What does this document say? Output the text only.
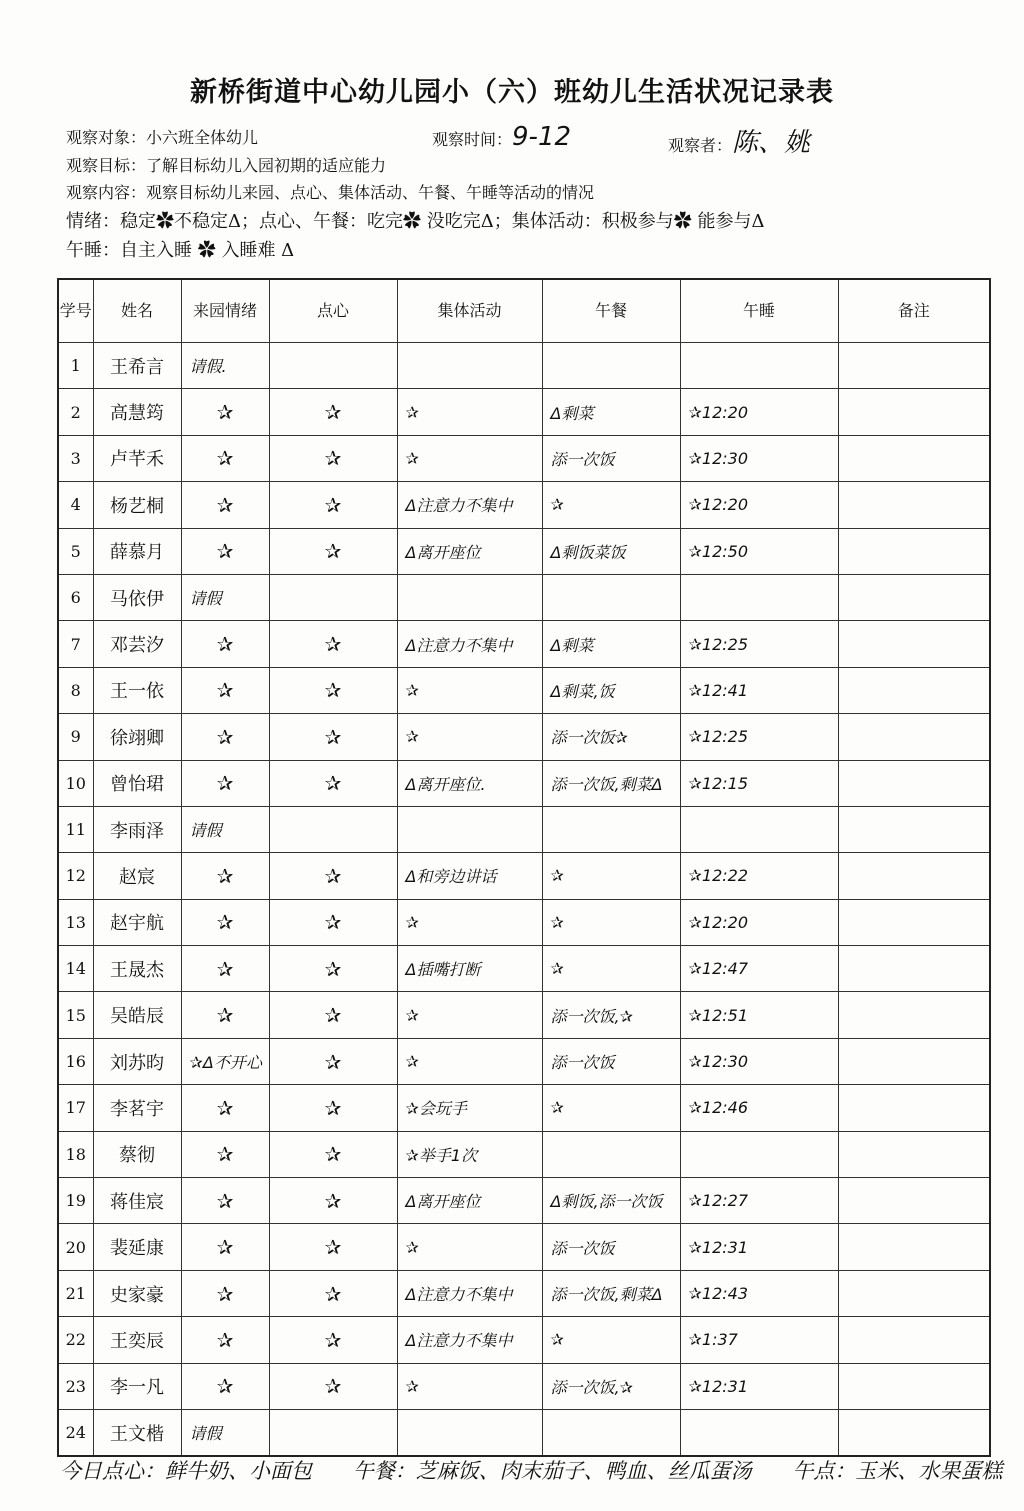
新桥街道中心幼儿园小（六）班幼儿生活状况记录表
观察对象：小六班全体幼儿	观察时间：9-12	观察者：陈、姚
观察目标：了解目标幼儿入园初期的适应能力
观察内容：观察目标幼儿来园、点心、集体活动、午餐、午睡等活动的情况
情绪：稳定✿不稳定Δ；点心、午餐：吃完✿ 没吃完Δ；集体活动：积极参与✿ 能参与Δ
午睡：自主入睡 ✿ 入睡难 Δ
学号	姓名	来园情绪	点心	集体活动	午餐	午睡	备注
1	王希言	请假.					
2	高慧筠	✰	✰	✰	Δ剩菜	✰12:20	
3	卢芊禾	✰	✰	✰	添一次饭	✰12:30	
4	杨艺桐	✰	✰	Δ注意力不集中	✰	✰12:20	
5	薛慕月	✰	✰	Δ离开座位	Δ剩饭菜饭	✰12:50	
6	马依伊	请假					
7	邓芸汐	✰	✰	Δ注意力不集中	Δ剩菜	✰12:25	
8	王一依	✰	✰	✰	Δ剩菜,饭	✰12:41	
9	徐翊卿	✰	✰	✰	添一次饭✰	✰12:25	
10	曾怡珺	✰	✰	Δ离开座位.	添一次饭,剩菜Δ	✰12:15	
11	李雨泽	请假					
12	赵宸	✰	✰	Δ和旁边讲话	✰	✰12:22	
13	赵宇航	✰	✰	✰	✰	✰12:20	
14	王晟杰	✰	✰	Δ插嘴打断	✰	✰12:47	
15	吴皓辰	✰	✰	✰	添一次饭,✰	✰12:51	
16	刘苏昀	✰Δ不开心	✰	✰	添一次饭	✰12:30	
17	李茗宇	✰	✰	✰会玩手	✰	✰12:46	
18	蔡彻	✰	✰	✰举手1次			
19	蒋佳宸	✰	✰	Δ离开座位	Δ剩饭,添一次饭	✰12:27	
20	裴延康	✰	✰	✰	添一次饭	✰12:31	
21	史家豪	✰	✰	Δ注意力不集中	添一次饭,剩菜Δ	✰12:43	
22	王奕辰	✰	✰	Δ注意力不集中	✰	✰1:37	
23	李一凡	✰	✰	✰	添一次饭,✰	✰12:31	
24	王文楷	请假					
今日点心：鲜牛奶、小面包 午餐：芝麻饭、肉末茄子、鸭血、丝瓜蛋汤 午点：玉米、水果蛋糕
